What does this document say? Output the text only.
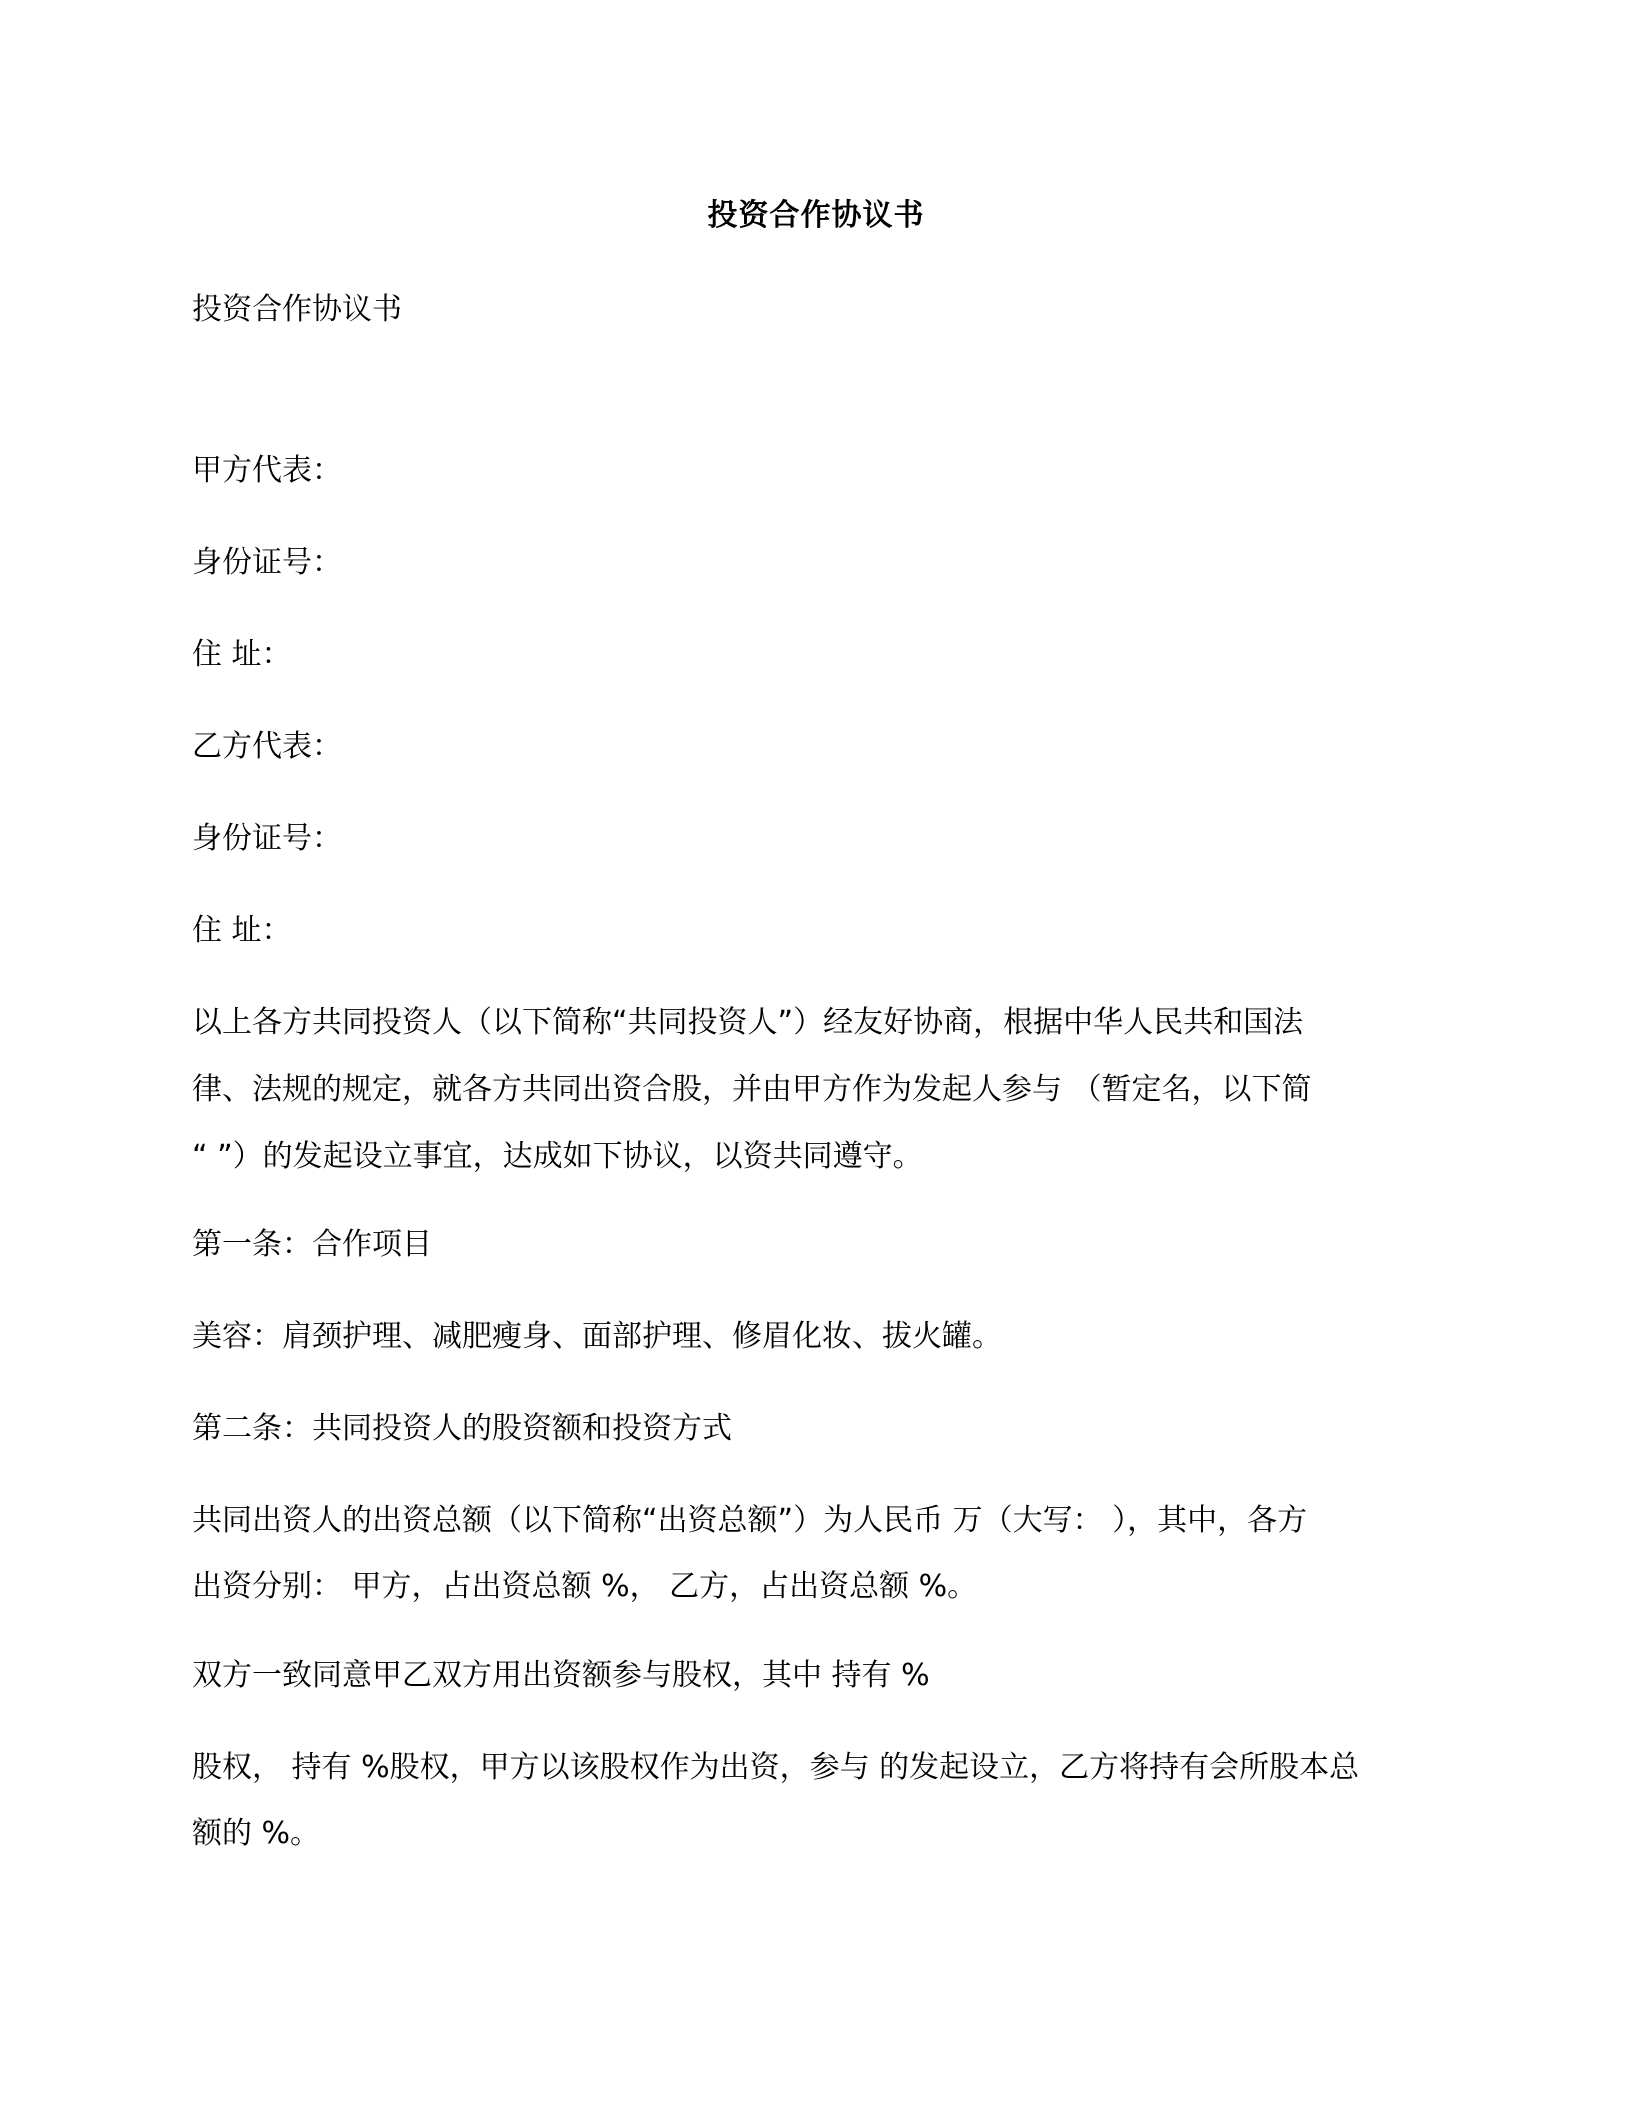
投资合作协议书
投资合作协议书
甲方代表：
身份证号：
住 址：
乙方代表：
身份证号：
住 址：
以上各方共同投资人（以下简称“共同投资人”）经友好协商，根据中华人民共和国法
律、法规的规定，就各方共同出资合股，并由甲方作为发起人参与 （暂定名，以下简
“ ”）的发起设立事宜，达成如下协议，以资共同遵守。
第一条：合作项目
美容：肩颈护理、减肥瘦身、面部护理、修眉化妆、拔火罐。
第二条：共同投资人的股资额和投资方式
共同出资人的出资总额（以下简称“出资总额”）为人民币 万（大写： ），其中，各方
出资分别： 甲方，占出资总额 %， 乙方，占出资总额 %。
双方一致同意甲乙双方用出资额参与股权，其中 持有 %
股权， 持有 %股权，甲方以该股权作为出资，参与 的发起设立，乙方将持有会所股本总
额的 %。
